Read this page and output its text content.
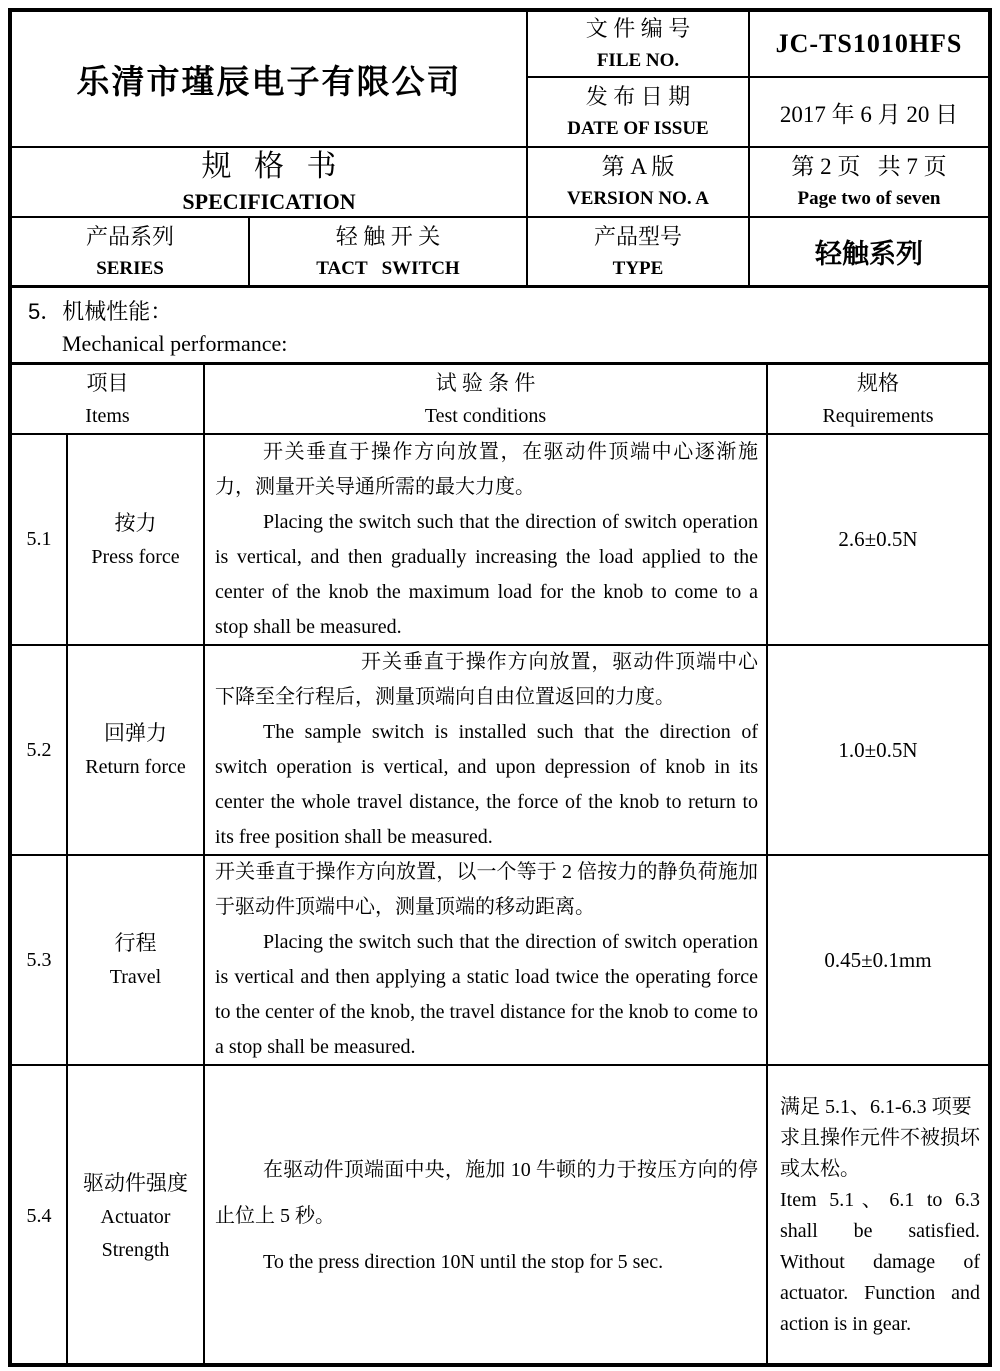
乐清市瑾辰电子有限公司
文 件 编 号
FILE NO.
JC-TS1010HFS
发 布 日 期
DATE OF ISSUE
2017 年 6 月 20 日
规   格   书
SPECIFICATION
第 A 版
VERSION NO. A
第 2 页   共 7 页
Page two of seven
产品系列
SERIES
轻 触 开 关
TACT   SWITCH
产品型号
TYPE	轻触系列
5．机械性能：
Mechanical performance:
项目
Items
试 验 条 件
Test conditions
规格
Requirements
5.1
按力
Press force

开关垂直于操作方向放置，在驱动件顶端中心逐渐施力，测量开关导通所需的最大力度。

Placing the switch such that the direction of switch operation is vertical, and then gradually increasing the load applied to the center of the knob the maximum load for the knob to come to a stop shall be measured.

2.6±0.5N
5.2
回弹力
Return force

开关垂直于操作方向放置，驱动件顶端中心下降至全行程后，测量顶端向自由位置返回的力度。

The sample switch is installed such that the direction of switch operation is vertical, and upon depression of knob in its center the whole travel distance, the force of the knob to return to its free position shall be measured.

1.0±0.5N
5.3
行程
Travel

开关垂直于操作方向放置，以一个等于 2 倍按力的静负荷施加于驱动件顶端中心，测量顶端的移动距离。

Placing the switch such that the direction of switch operation is vertical and then applying a static load twice the operating force to the center of the knob, the travel distance for the knob to come to a stop shall be measured.

0.45±0.1mm
5.4
驱动件强度
Actuator Strength

在驱动件顶端面中央，施加 10 牛顿的力于按压方向的停止位上 5 秒。

To the press direction 10N until the stop for 5 sec.

满足 5.1、6.1-6.3 项要求且操作元件不被损坏或太松。

Item 5.1、6.1 to 6.3 shall be satisfied. Without damage of actuator. Function and action is in gear.
